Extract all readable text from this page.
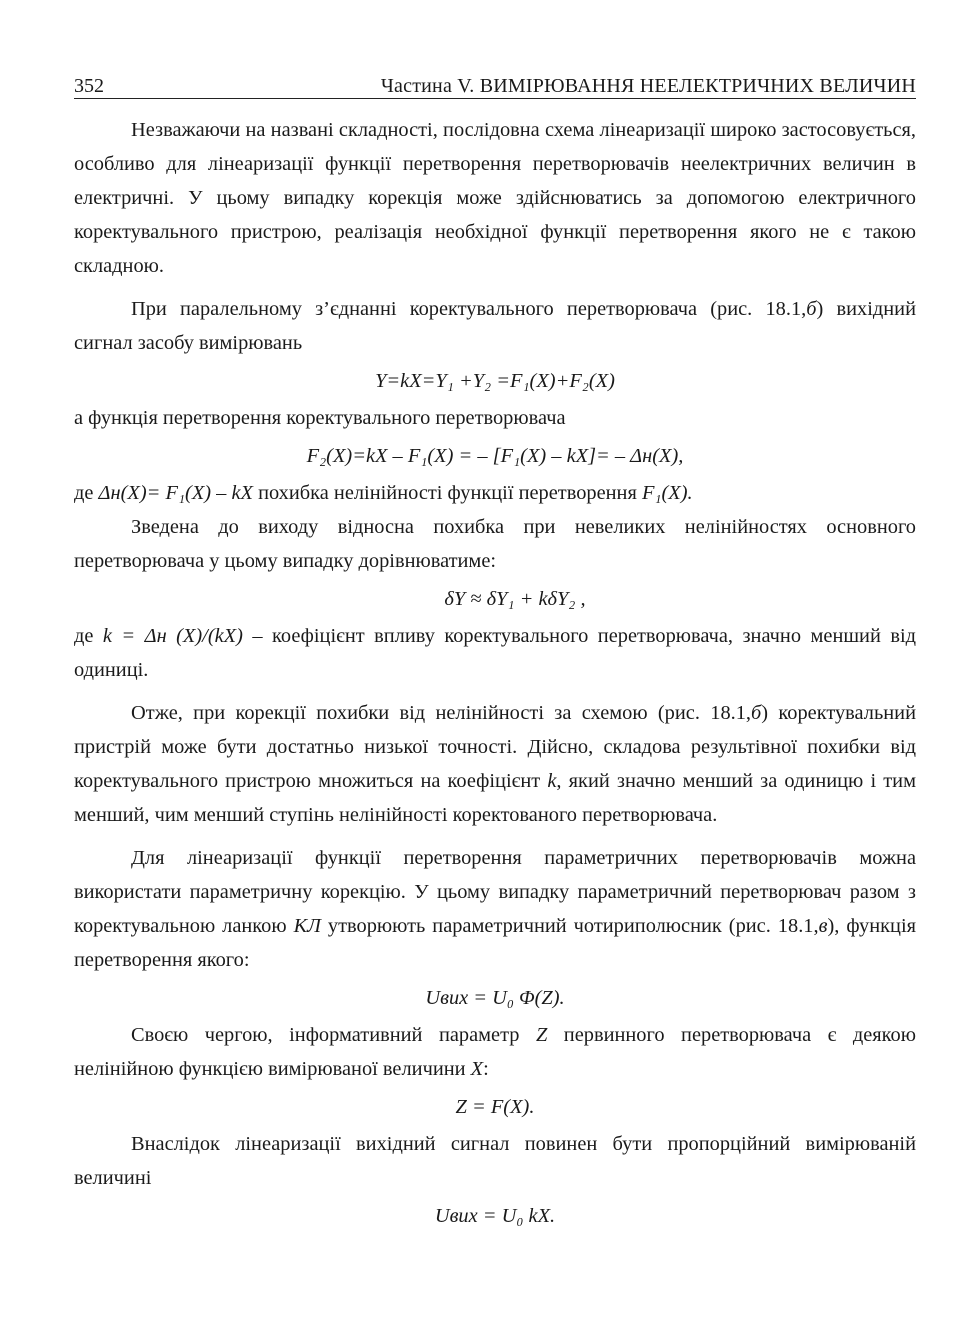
352	Частина V. ВИМІРЮВАННЯ НЕЕЛЕКТРИЧНИХ ВЕЛИЧИН

Незважаючи на названі складності, послідовна схема лінеаризації широко застосовується, особливо для лінеаризації функції перетворення перетворювачів неелектричних величин в електричні. У цьому випадку корекція може здійснюватись за допомогою електричного коректувального пристрою, реалізація необхідної функції перетворення якого не є такою складною.

При паралельному з’єднанні коректувального перетворювача (рис. 18.1,б) вихідний сигнал засобу вимірювань

Y=kX=Y₁ +Y₂ =F₁(X)+F₂(X)

а функція перетворення коректувального перетворювача

F₂(X)=kX – F₁(X) = – [F₁(X) – kX]= – Δн(X),

де Δн(X)= F₁(X) – kX похибка нелінійності функції перетворення F₁(X).

Зведена до виходу відносна похибка при невеликих нелінійностях основного перетворювача у цьому випадку дорівнюватиме:

δY ≈ δY₁ + kδY₂ ,

де k = Δн (X)/(kX) – коефіцієнт впливу коректувального перетворювача, значно менший від одиниці.

Отже, при корекції похибки від нелінійності за схемою (рис. 18.1,б) коректувальний пристрій може бути достатньо низької точності. Дійсно, складова результівної похибки від коректувального пристрою множиться на коефіцієнт k, який значно менший за одиницю і тим менший, чим менший ступінь нелінійності коректованого перетворювача.

Для лінеаризації функції перетворення параметричних перетворювачів можна використати параметричну корекцію. У цьому випадку параметричний перетворювач разом з коректувальною ланкою КЛ утворюють параметричний чотириполюсник (рис. 18.1,в), функція перетворення якого:

Uвих = U₀ Φ(Z).

Своєю чергою, інформативний параметр Z первинного перетворювача є деякою нелінійною функцією вимірюваної величини X:

Z = F(X).

Внаслідок лінеаризації вихідний сигнал повинен бути пропорційний вимірюваній величині

Uвих = U₀ kX.
